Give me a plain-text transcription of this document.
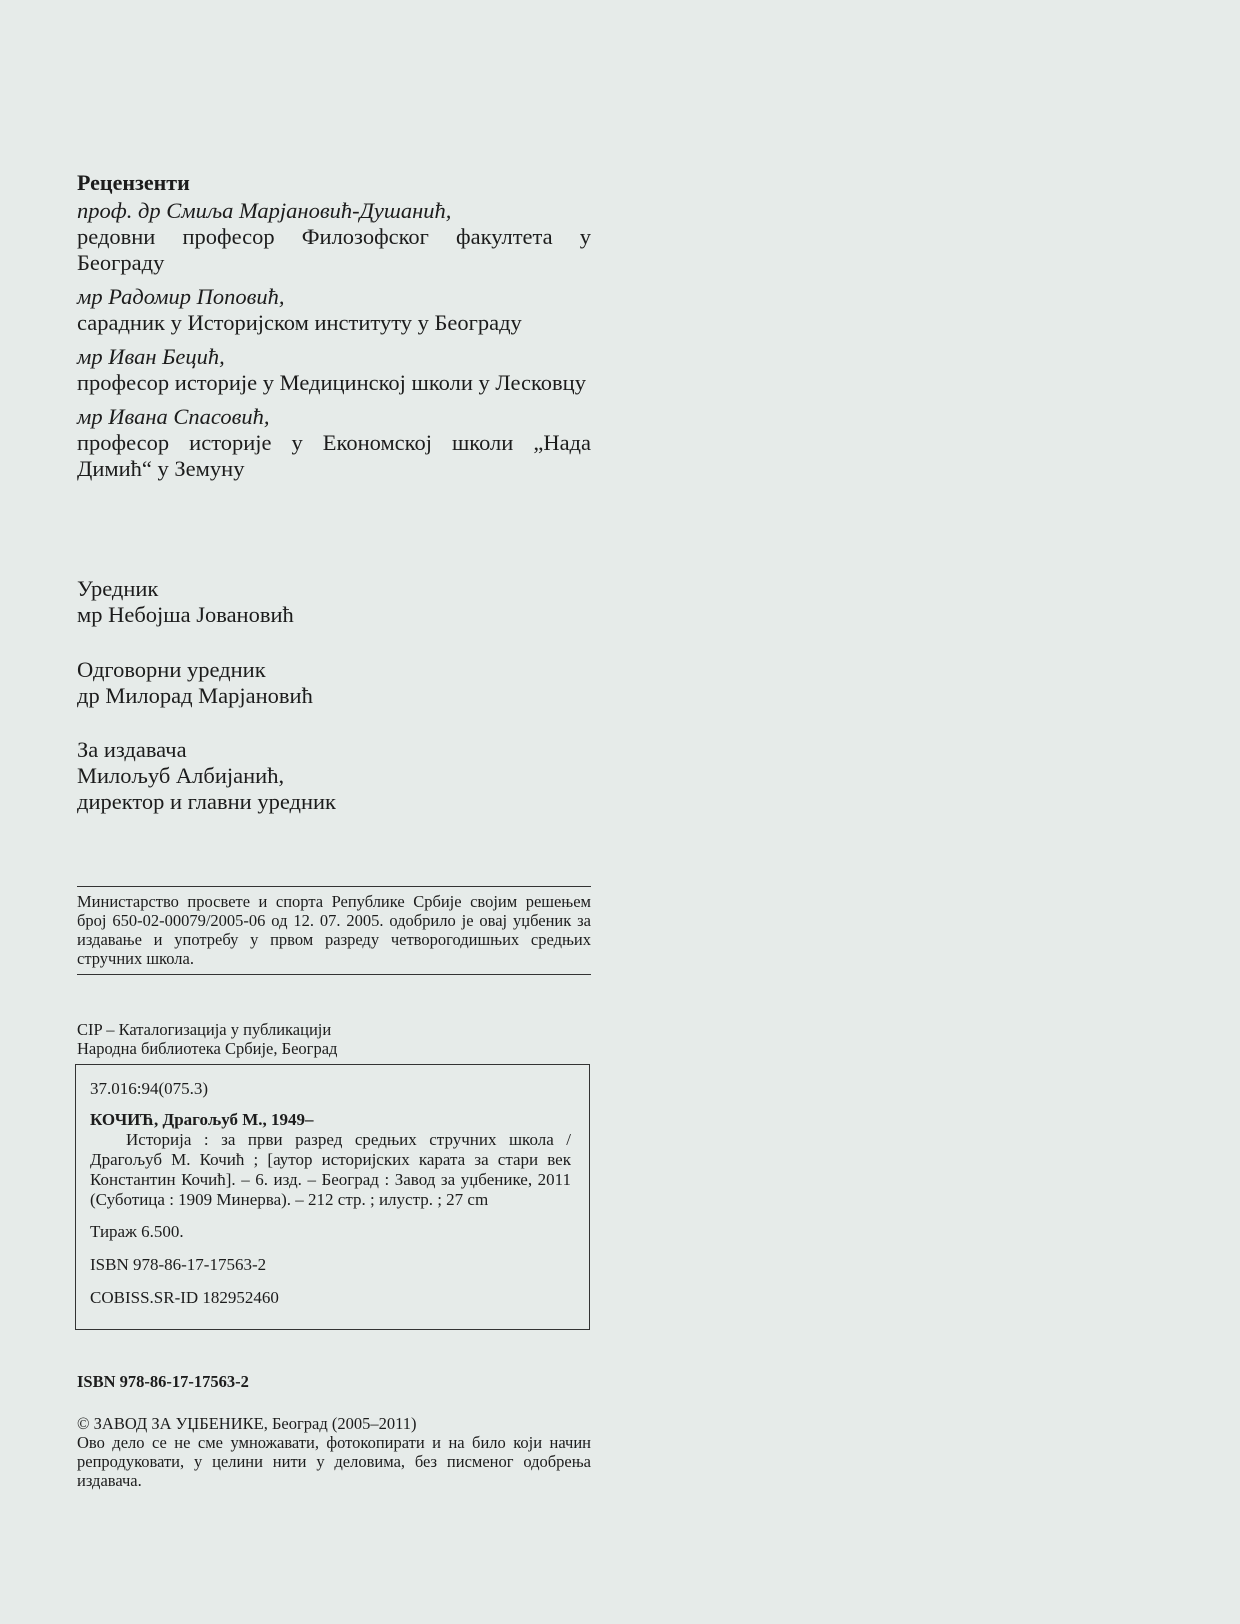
Рецензенти
проф. др Смиља Марјановић-Душанић,
редовни професор Филозофског факултета у Београду
мр Радомир Поповић,
сарадник у Историјском институту у Београду
мр Иван Бецић,
професор историје у Медицинској школи у Лесковцу
мр Ивана Спасовић,
професор историје у Економској школи „Нада Димић“ у Земуну
Уредник
мр Небојша Јовановић
Одговорни уредник
др Милорад Марјановић
За издавача
Милољуб Албијанић,
директор и главни уредник
Министарство просвете и спорта Републике Србије својим решењем број 650-02-00079/2005-06 од 12. 07. 2005. одобрило је овај уџбеник за издавање и употребу у првом разреду четворогодишњих средњих стручних школа.
CIP – Каталогизација у публикацији
Народна библиотека Србије, Београд
37.016:94(075.3)
КОЧИЋ, Драгољуб М., 1949–
Историја : за први разред средњих стручних школа / Драгољуб М. Кочић ; [аутор историјских карата за стари век Константин Кочић]. – 6. изд. – Београд : Завод за уџбенике, 2011 (Суботица : 1909 Минерва). – 212 стр. ; илустр. ; 27 cm
Тираж 6.500.
ISBN 978-86-17-17563-2
COBISS.SR-ID 182952460
ISBN 978-86-17-17563-2
© ЗАВОД ЗА УЏБЕНИКЕ, Београд (2005–2011)
Ово дело се не сме умножавати, фотокопирати и на било који начин репродуковати, у целини нити у деловима, без писменог одобрења издавача.
